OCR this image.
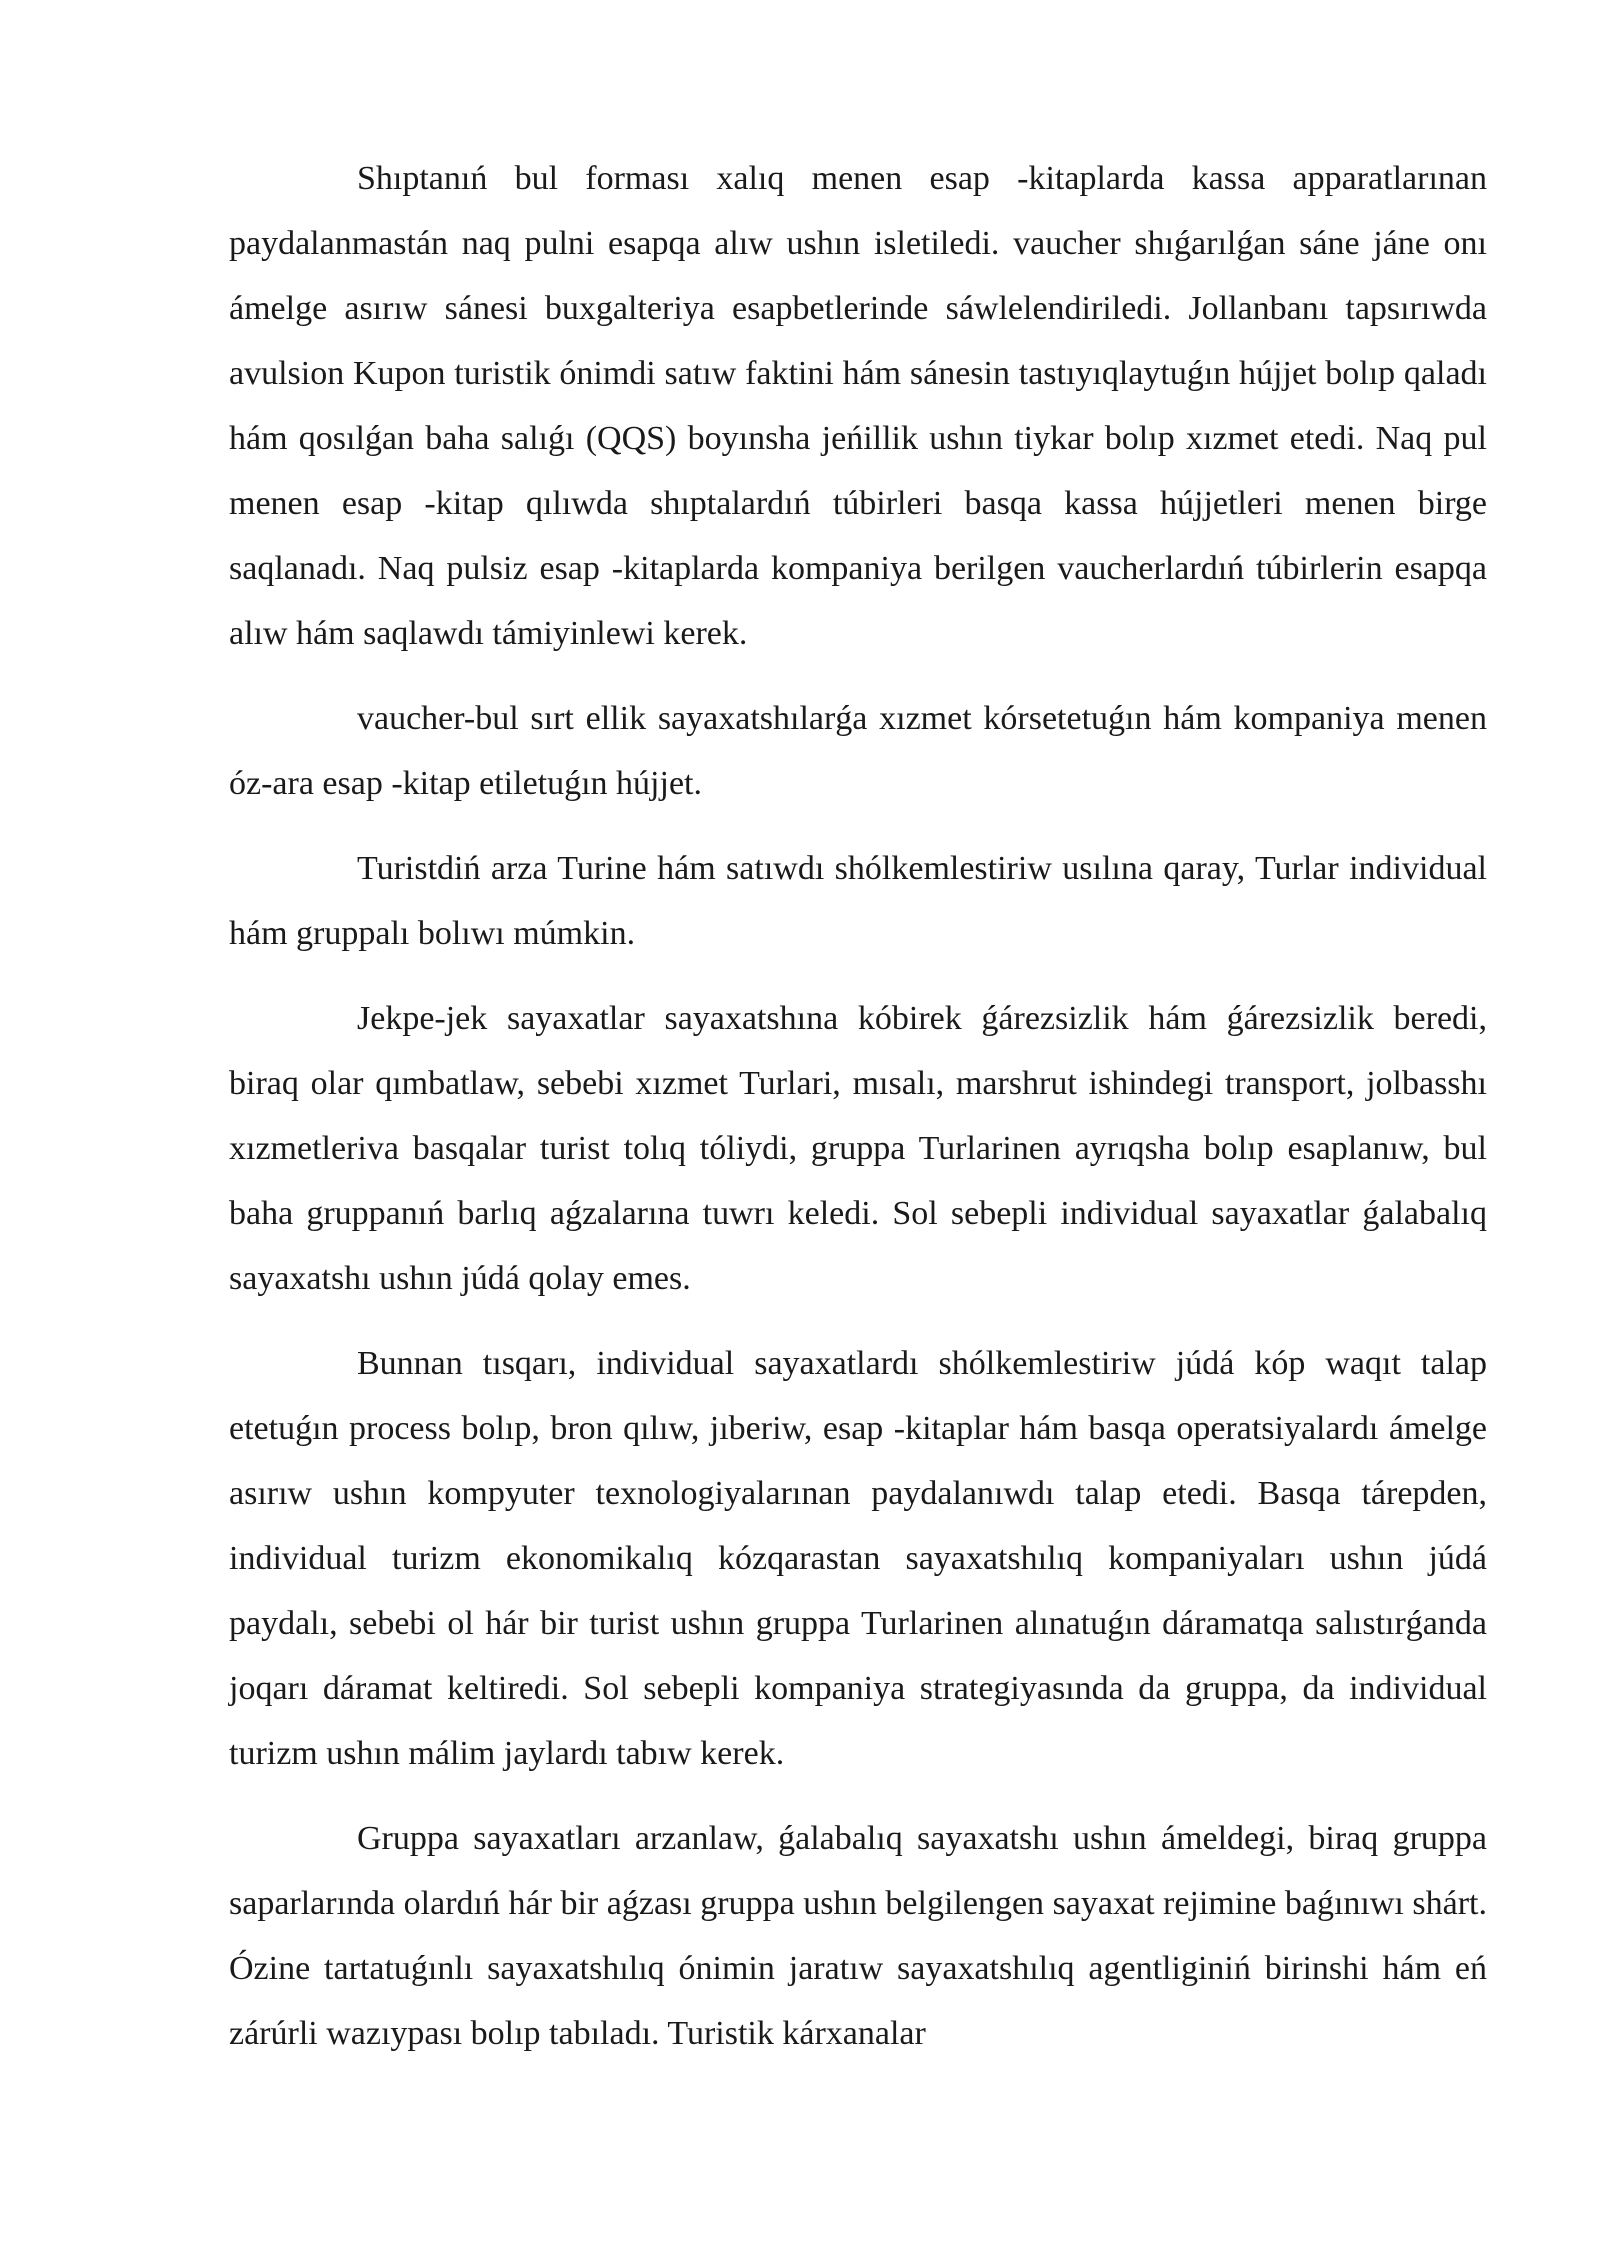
Shıptanıń bul forması xalıq menen esap -kitaplarda kassa apparatlarınan paydalanmastán naq pulni esapqa alıw ushın isletiledi. vaucher shıǵarılǵan sáne jáne onı ámelge asırıw sánesi buxgalteriya esapbetlerinde sáwlelendiriledi. Jollanbanı tapsırıwda avulsion Kupon turistik ónimdi satıw faktini hám sánesin tastıyıqlaytuǵın hújjet bolıp qaladı hám qosılǵan baha salıǵı (QQS) boyınsha jeńillik ushın tiykar bolıp xızmet etedi. Naq pul menen esap -kitap qılıwda shıptalardıń túbirleri basqa kassa hújjetleri menen birge saqlanadı. Naq pulsiz esap -kitaplarda kompaniya berilgen vaucherlardıń túbirlerin esapqa alıw hám saqlawdı támiyinlewi kerek.

vaucher-bul sırt ellik sayaxatshılarǵa xızmet kórsetetuǵın hám kompaniya menen óz-ara esap -kitap etiletuǵın hújjet.

Turistdiń arza Turine hám satıwdı shólkemlestiriw usılına qaray, Turlar individual hám gruppalı bolıwı múmkin.

Jekpe-jek sayaxatlar sayaxatshına kóbirek ǵárezsizlik hám ǵárezsizlik beredi, biraq olar qımbatlaw, sebebi xızmet Turlari, mısalı, marshrut ishindegi transport, jolbasshı xızmetleriva basqalar turist tolıq tóliydi, gruppa Turlarinen ayrıqsha bolıp esaplanıw, bul baha gruppanıń barlıq aǵzalarına tuwrı keledi. Sol sebepli individual sayaxatlar ǵalabalıq sayaxatshı ushın júdá qolay emes.

Bunnan tısqarı, individual sayaxatlardı shólkemlestiriw júdá kóp waqıt talap etetuǵın process bolıp, bron qılıw, jıberiw, esap -kitaplar hám basqa operatsiyalardı ámelge asırıw ushın kompyuter texnologiyalarınan paydalanıwdı talap etedi. Basqa tárepden, individual turizm ekonomikalıq kózqarastan sayaxatshılıq kompaniyaları ushın júdá paydalı, sebebi ol hár bir turist ushın gruppa Turlarinen alınatuǵın dáramatqa salıstırǵanda joqarı dáramat keltiredi. Sol sebepli kompaniya strategiyasında da gruppa, da individual turizm ushın málim jaylardı tabıw kerek.

Gruppa sayaxatları arzanlaw, ǵalabalıq sayaxatshı ushın ámeldegi, biraq gruppa saparlarında olardıń hár bir aǵzası gruppa ushın belgilengen sayaxat rejimine baǵınıwı shárt. Ózine tartatuǵınlı sayaxatshılıq ónimin jaratıw sayaxatshılıq agentliginiń birinshi hám eń zárúrli wazıypası bolıp tabıladı. Turistik kárxanalar
